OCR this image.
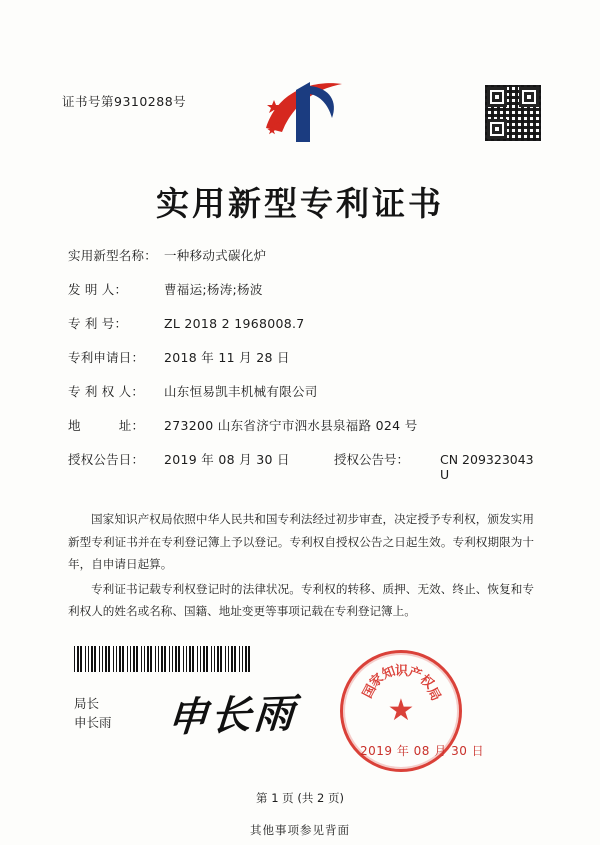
证书号第9310288号
实用新型专利证书
实用新型名称： 一种移动式碳化炉
发 明 人：	曹福运;杨涛;杨波
专 利 号：	ZL 2018 2 1968008.7
专利申请日：	2018 年 11 月 28 日
专 利 权 人：	山东恒易凯丰机械有限公司
地　　　址：	273200 山东省济宁市泗水县泉福路 024 号
授权公告日：	2019 年 08 月 30 日	授权公告号：	CN 209323043 U

国家知识产权局依照中华人民共和国专利法经过初步审查，决定授予专利权，颁发实用新型专利证书并在专利登记簿上予以登记。专利权自授权公告之日起生效。专利权期限为十年，自申请日起算。

专利证书记载专利权登记时的法律状况。专利权的转移、质押、无效、终止、恢复和专利权人的姓名或名称、国籍、地址变更等事项记载在专利登记簿上。

局长
申长雨 申长雨	国
家
知
识
产
权
局
★
2019 年 08 月 30 日
第 1 页 (共 2 页)
其他事项参见背面
